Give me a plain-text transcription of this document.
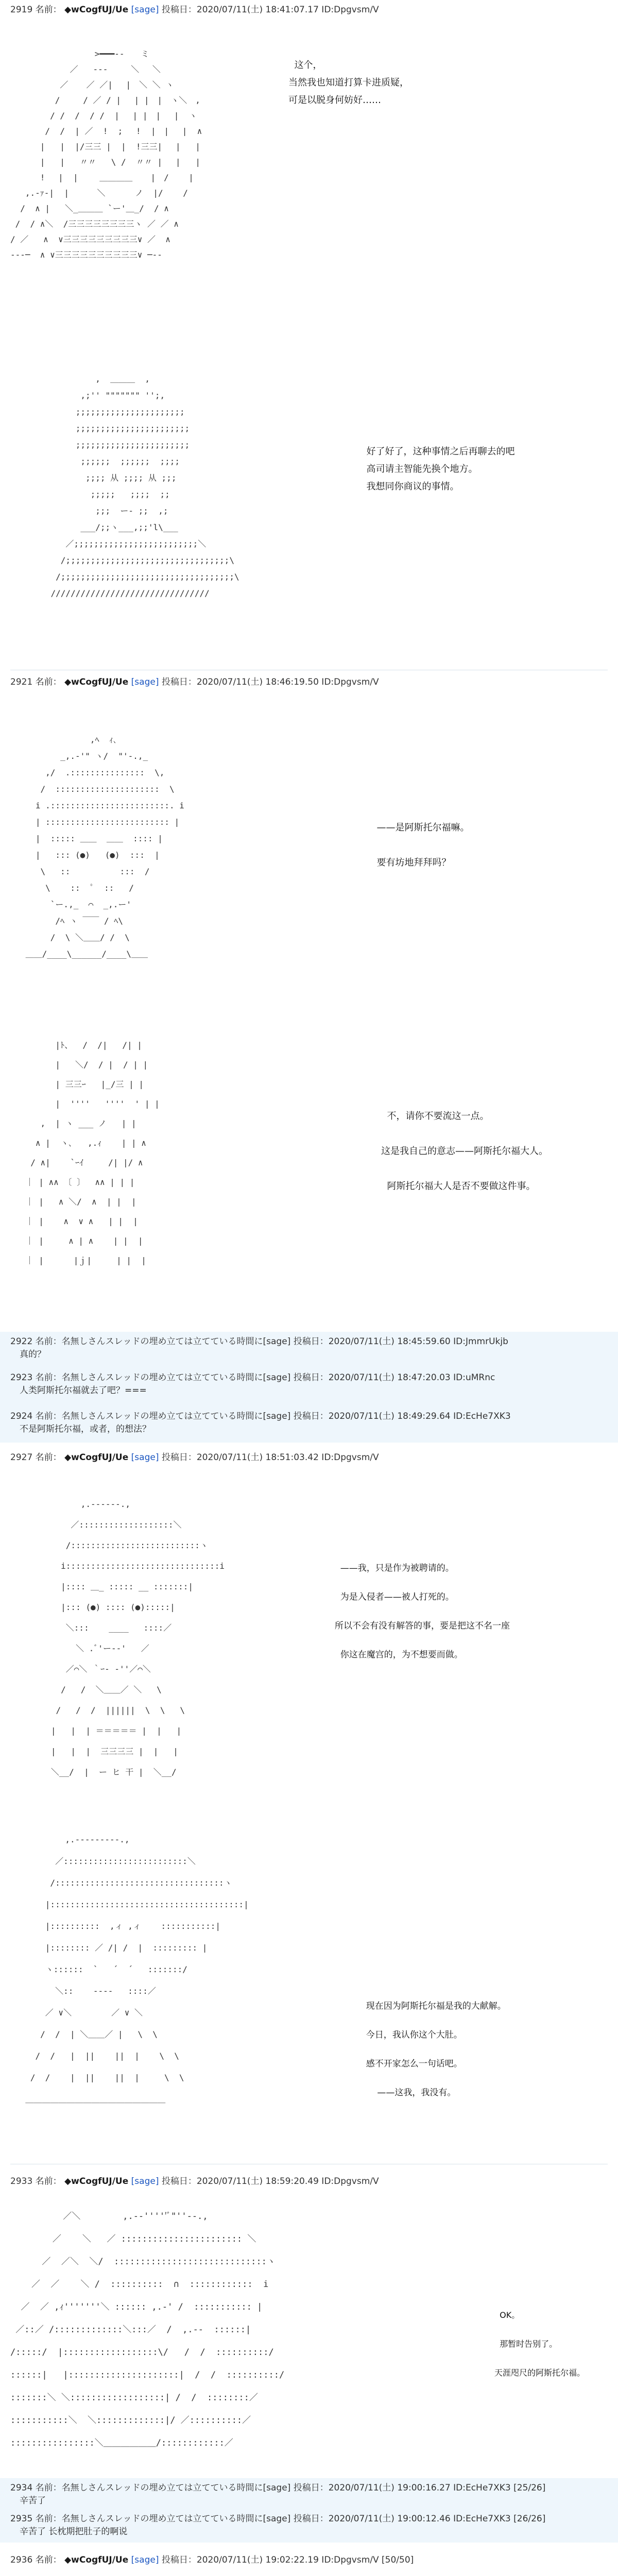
2919 名前： ◆wCogfUJ/Ue [sage] 投稿日：2020/07/11(土) 18:41:07.17 ID:Dpgvsm/V
>━━━‐-　　ミ
／   ‐‐-　   ＼ 　＼
／ 　 ／ ／|　 |　＼ ＼ ヽ
/   　/ ／ / |　 | |　|　ヽ＼　,
/ /  /  / /  |　 | |　|　 |  ヽ
/  /  | ／  !  ;　 !  |　|　 |  ∧
|   |  |/三三 |  |  !三三|　 |   |
|   |   〃〃   \ /  〃〃 |　 |   |
! 　|  |　　 ＿＿＿＿　  |　/    |
,.-ｧ-|  |    　＼　　　 ノ  |/    /
/  ∧ |   ＼_＿＿＿ `ー'＿_/  / ∧
/  / ∧＼  /三三三三三三三三ヽ ／ ／ ∧
/ ／   ∧  ∨三三三三三三三三三∨ ／  ∧
‐‐-─  ∧ ∨三三三三三三三三三三∨ ─‐‐
这个，
当然我也知道打算卡进质疑，
可是以脱身何妨好……
,  ＿＿＿  ,
,;'' """"""" '';,
;;;;;;;;;;;;;;;;;;;;;;
;;;;;;;;;;;;;;;;;;;;;;;
;;;;;;;;;;;;;;;;;;;;;;;
;;;;;;  ;;;;;;  ;;;;
;;;; 从 ;;;; 从 ;;;
;;;;;   ;;;;  ;;
;;;  ー- ;;  ,;
___/;;ヽ___,;;'l\___
／;;;;;;;;;;;;;;;;;;;;;;;;;＼
/;;;;;;;;;;;;;;;;;;;;;;;;;;;;;;;;;\
/;;;;;;;;;;;;;;;;;;;;;;;;;;;;;;;;;;;\
////////////////////////////////
好了好了，这种事情之后再聊去的吧
高司请主智能先换个地方。
我想同你商议的事情。
2921 名前： ◆wCogfUJ/Ue [sage] 投稿日：2020/07/11(土) 18:46:19.50 ID:Dpgvsm/V
,ﾍ  ｨ､
_,.-'" ヽ/  "'-.,_
,/  .:::::::::::::::  \,
/  :::::::::::::::::::::  \
i .::::::::::::::::::::::::. i
| ::::::::::::::::::::::::: |
|  ::::: ＿＿  ＿＿  :::: |
|   ::: (●)   (●)  :::  |
\   ::          :::  /
\    ::  ﾟ  ::   /
`ー.,_  ⌒  _,.ー'
/ﾍ ヽ ￣￣ / ﾍ\
/  \ ＼＿＿/ /  \
＿＿/____\______/____\＿＿
——是阿斯托尔福嘛。

要有坊地拜拜吗？
|ﾄ、  /  /|   /| |
|   ＼/  / |  / | |
| 三三ｰ   |_/三 | |
|  ''''   ''''  ' | |
,  | ヽ ___ ノ   | |
∧ |  ヽ､   ,.ｨ    | | ∧
/ ∧|    `ｰｲ     /| |/ ∧
｜ | ∧∧ 〔 〕  ∧∧ | | |
｜ |   ∧ ＼/  ∧  | |  |
｜ |    ∧  ∨ ∧   | |  |
｜ |     ∧ | ∧    | |  |
｜ |      |ｊ|     | |  |
不，请你不要流这一点。

这是我自己的意志——阿斯托尔福大人。

阿斯托尔福大人是否不要做这件事。
2922 名前：名無しさんスレッドの埋め立ては立てている時間に[sage] 投稿日：2020/07/11(土) 18:45:59.60 ID:JmmrUkjb
真的？
2923 名前：名無しさんスレッドの埋め立ては立てている時間に[sage] 投稿日：2020/07/11(土) 18:47:20.03 ID:uMRnc
人类阿斯托尔福就去了吧？===
2924 名前：名無しさんスレッドの埋め立ては立てている時間に[sage] 投稿日：2020/07/11(土) 18:49:29.64 ID:EcHe7XK3
不是阿斯托尔福，或者，的想法？
2927 名前： ◆wCogfUJ/Ue [sage] 投稿日：2020/07/11(土) 18:51:03.42 ID:Dpgvsm/V
,.-‐‐‐‐-.,
／:::::::::::::::::::＼
/::::::::::::::::::::::::::ヽ
i:::::::::::::::::::::::::::::::i
|:::: ＿_ ::::: __ :::::::|
|::: (●) :::: (●):::::|
＼:::    ____   ::::／
＼ .ﾞ'ー-‐'   ／
／⌒＼ ｀ｰ‐ ‐''／⌒＼
/   /  ＼＿＿／ ＼   \
/   /  /  ||||||  \  \   \
|   |  | ＝＝＝＝＝ |  |   |
|   |  |  三三三三 |  |   |
＼__/  |  ー ヒ 干 |  ＼__/
——我，只是作为被聘请的。

为是入侵者——被人打死的。

所以不会有没有解答的事，要是把这不名一座

你这在魔宫的，为不想要而做。
,.-‐‐‐‐‐‐‐-.,
／:::::::::::::::::::::::::＼
/::::::::::::::::::::::::::::::::::ヽ
|:::::::::::::::::::::::::::::::::::::::|
|::::::::::  ,ィ ,ィ    :::::::::::|
|:::::::: ／ /| /  |  ::::::::: |
ヽ::::::  `   ´  ´   :::::::/
＼::    ‐‐‐‐   ::::／
／ ∨＼        ／ ∨ ＼
/  /  | ＼＿＿／ |   \  \
/  /   |  ||    ||  |    \  \
/  /    |  ||    ||  |     \  \
＿＿＿＿＿＿＿＿＿＿＿＿＿＿＿＿＿
现在因为阿斯托尔福是我的大献解。

今日，我认你这个大肚。

感不开家怎么一句话吧。

——这我，我没有。
2933 名前： ◆wCogfUJ/Ue [sage] 投稿日：2020/07/11(土) 18:59:20.49 ID:Dpgvsm/V
／＼        ,.-‐'''''ﾞ"''‐-.,
／    ＼   ／ ::::::::::::::::::::::: ＼
／  ／＼  ＼/  :::::::::::::::::::::::::::::ヽ
／  ／    ＼ /  ::::::::::  ∩  ::::::::::::  i
／  ／ ,ｨ'''''''＼ :::::: ,.-' /  ::::::::::: |
／::／ /:::::::::::::＼:::／  /  ,.-‐  ::::::|
/:::::/  |::::::::::::::::::\/   /  /  ::::::::::/
::::::|   |:::::::::::::::::::::|  /  /  ::::::::::/
:::::::＼ ＼::::::::::::::::::| /  /  ::::::::／
:::::::::::＼  ＼:::::::::::::|/ ／::::::::::／
::::::::::::::::＼＿＿＿＿＿＿/::::::::::::／
OK。

那暂时告别了。

天涯咫尺的阿斯托尔福。
2934 名前：名無しさんスレッドの埋め立ては立てている時間に[sage] 投稿日：2020/07/11(土) 19:00:16.27 ID:EcHe7XK3 [25/26]
辛苦了
2935 名前：名無しさんスレッドの埋め立ては立てている時間に[sage] 投稿日：2020/07/11(土) 19:00:12.46 ID:EcHe7XK3 [26/26]
辛苦了 长枕期把肚子的啊说
2936 名前： ◆wCogfUJ/Ue [sage] 投稿日：2020/07/11(土) 19:02:22.19 ID:Dpgvsm/V [50/50]
